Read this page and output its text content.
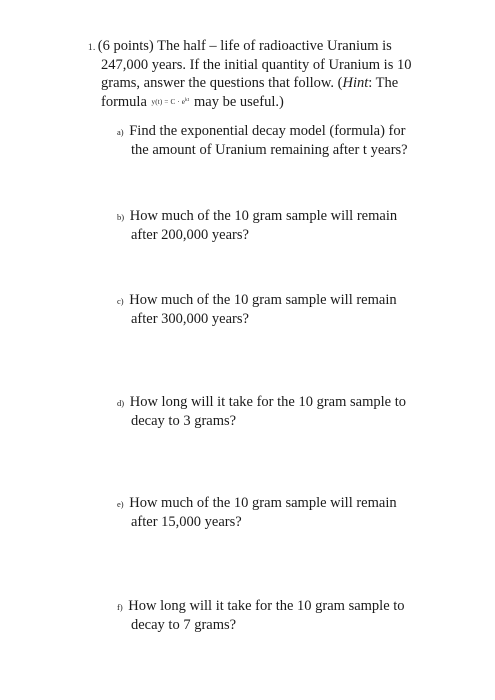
1. (6 points) The half – life of radioactive Uranium is
247,000 years. If the initial quantity of Uranium is 10
grams, answer the questions that follow. (Hint: The
formula $y(t) = C \cdot e^{kt}$ may be useful.)
a) Find the exponential decay model (formula) for
the amount of Uranium remaining after t years?
b) How much of the 10 gram sample will remain
after 200,000 years?
c) How much of the 10 gram sample will remain
after 300,000 years?
d) How long will it take for the 10 gram sample to
decay to 3 grams?
e) How much of the 10 gram sample will remain
after 15,000 years?
f) How long will it take for the 10 gram sample to
decay to 7 grams?
